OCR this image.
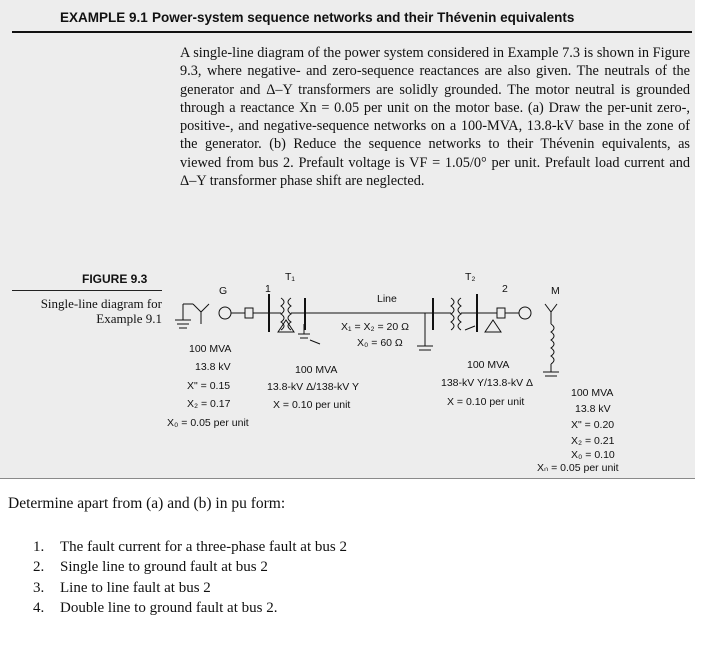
EXAMPLE 9.1 Power-system sequence networks and their Thévenin equivalents
A single-line diagram of the power system considered in Example 7.3 is shown in Figure 9.3, where negative- and zero-sequence reactances are also given. The neutrals of the generator and Δ–Y transformers are solidly grounded. The motor neutral is grounded through a reactance Xn = 0.05 per unit on the motor base. (a) Draw the per-unit zero-, positive-, and negative-sequence networks on a 100-MVA, 13.8-kV base in the zone of the generator. (b) Reduce the sequence networks to their Thévenin equivalents, as viewed from bus 2. Prefault voltage is VF = 1.05/0° per unit. Prefault load current and Δ–Y transformer phase shift are neglected.
FIGURE 9.3
Single-line diagram for Example 9.1
G	1
T₁	T₂
2	M
Line
X₁ = X₂ = 20 Ω
X₀ = 60 Ω
100 MVA
13.8 kV
X" = 0.15
X₂ = 0.17
X₀ = 0.05 per unit
100 MVA
13.8-kV Δ/138-kV Y
X = 0.10 per unit
100 MVA
138-kV Y/13.8-kV Δ
X = 0.10 per unit
100 MVA
13.8 kV
X" = 0.20
X₂ = 0.21
X₀ = 0.10
Xₙ = 0.05 per unit
Determine apart from (a) and (b) in pu form:
1. The fault current for a three-phase fault at bus 2
2. Single line to ground fault at bus 2
3. Line to line fault at bus 2
4. Double line to ground fault at bus 2.
